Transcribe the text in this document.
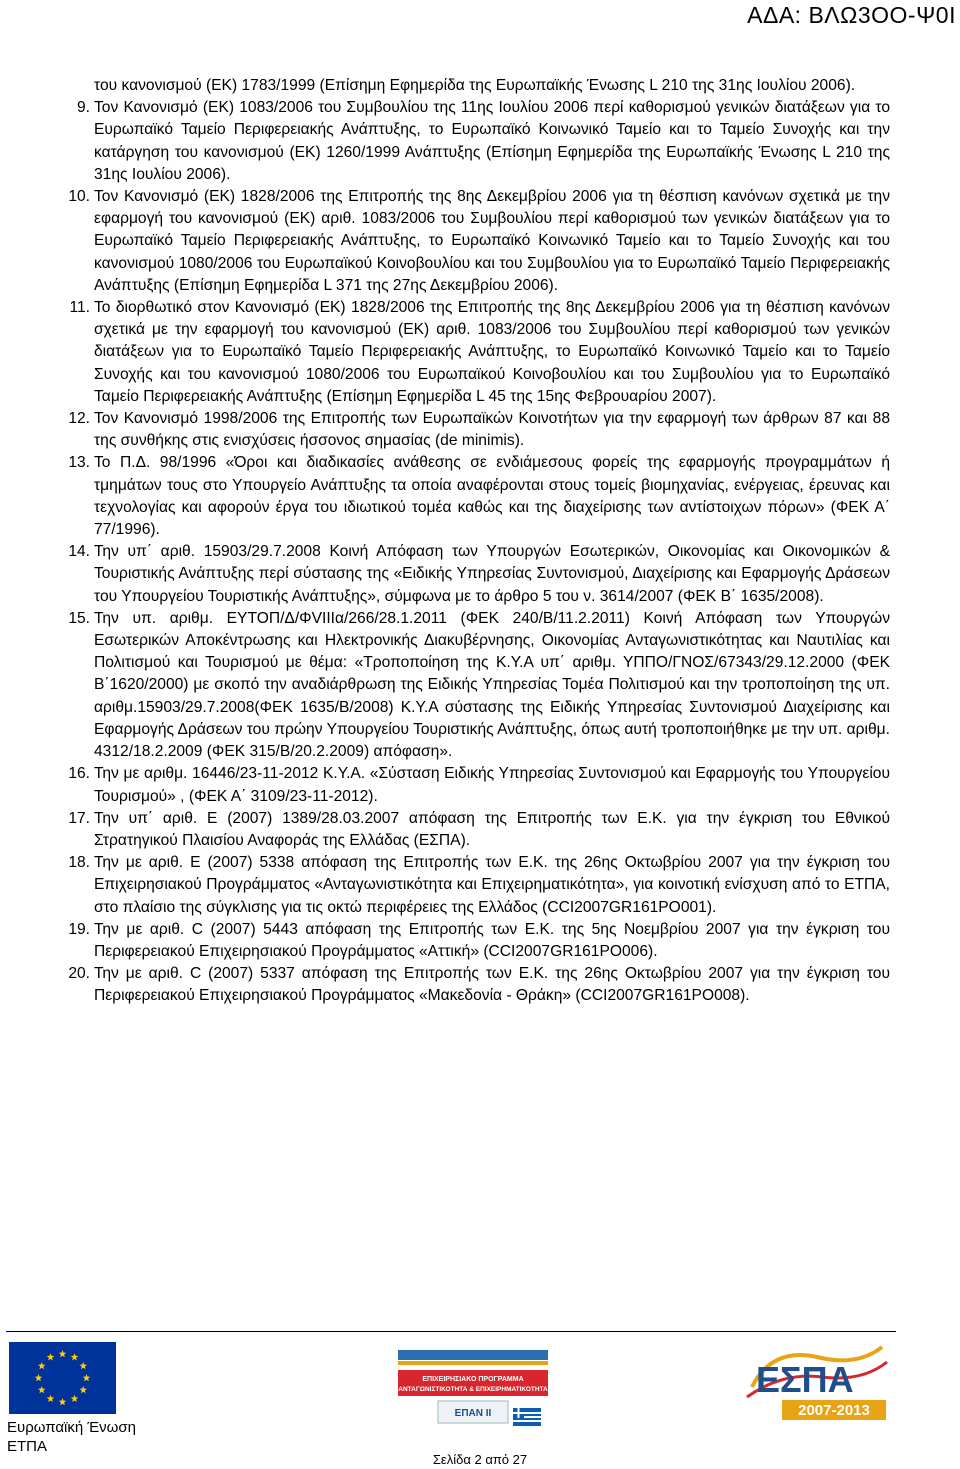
ΑΔΑ: ΒΛΩ3ΟΟ-Ψ0Ι
του κανονισμού (ΕΚ) 1783/1999 (Επίσημη Εφημερίδα της Ευρωπαϊκής Ένωσης L 210 της 31ης Ιουλίου 2006).
9. Τον Κανονισμό (ΕΚ) 1083/2006 του Συμβουλίου της 11ης Ιουλίου 2006 περί καθορισμού γενικών διατάξεων για το Ευρωπαϊκό Ταμείο Περιφερειακής Ανάπτυξης, το Ευρωπαϊκό Κοινωνικό Ταμείο και το Ταμείο Συνοχής και την κατάργηση του κανονισμού (ΕΚ) 1260/1999 Ανάπτυξης (Επίσημη Εφημερίδα της Ευρωπαϊκής Ένωσης L 210 της 31ης Ιουλίου 2006).
10. Τον Κανονισμό (ΕΚ) 1828/2006 της Επιτροπής της 8ης Δεκεμβρίου 2006 για τη θέσπιση κανόνων σχετικά με την εφαρμογή του κανονισμού (ΕΚ) αριθ. 1083/2006 του Συμβουλίου περί καθορισμού των γενικών διατάξεων για το Ευρωπαϊκό Ταμείο Περιφερειακής Ανάπτυξης, το Ευρωπαϊκό Κοινωνικό Ταμείο και το Ταμείο Συνοχής και του κανονισμού 1080/2006 του Ευρωπαϊκού Κοινοβουλίου και του Συμβουλίου για το Ευρωπαϊκό Ταμείο Περιφερειακής Ανάπτυξης (Επίσημη Εφημερίδα L 371 της 27ης Δεκεμβρίου 2006).
11. Το διορθωτικό στον Κανονισμό (ΕΚ) 1828/2006 της Επιτροπής της 8ης Δεκεμβρίου 2006 για τη θέσπιση κανόνων σχετικά με την εφαρμογή του κανονισμού (ΕΚ) αριθ. 1083/2006 του Συμβουλίου περί καθορισμού των γενικών διατάξεων για το Ευρωπαϊκό Ταμείο Περιφερειακής Ανάπτυξης, το Ευρωπαϊκό Κοινωνικό Ταμείο και το Ταμείο Συνοχής και του κανονισμού 1080/2006 του Ευρωπαϊκού Κοινοβουλίου και του Συμβουλίου για το Ευρωπαϊκό Ταμείο Περιφερειακής Ανάπτυξης (Επίσημη Εφημερίδα L 45 της 15ης Φεβρουαρίου 2007).
12. Τον Κανονισμό 1998/2006 της Επιτροπής των Ευρωπαϊκών Κοινοτήτων για την εφαρμογή των άρθρων 87 και 88 της συνθήκης στις ενισχύσεις ήσσονος σημασίας (de minimis).
13. Το Π.Δ. 98/1996 «Όροι και διαδικασίες ανάθεσης σε ενδιάμεσους φορείς της εφαρμογής προγραμμάτων ή τμημάτων τους στο Υπουργείο Ανάπτυξης τα οποία αναφέρονται στους τομείς βιομηχανίας, ενέργειας, έρευνας και τεχνολογίας και αφορούν έργα του ιδιωτικού τομέα καθώς και της διαχείρισης των αντίστοιχων πόρων» (ΦΕΚ Α΄ 77/1996).
14. Την υπ΄ αριθ. 15903/29.7.2008 Κοινή Απόφαση των Υπουργών Εσωτερικών, Οικονομίας και Οικονομικών & Τουριστικής Ανάπτυξης περί σύστασης της «Ειδικής Υπηρεσίας Συντονισμού, Διαχείρισης και Εφαρμογής Δράσεων του Υπουργείου Τουριστικής Ανάπτυξης», σύμφωνα με το άρθρο 5 του ν. 3614/2007 (ΦΕΚ Β΄ 1635/2008).
15. Την υπ. αριθμ. ΕΥΤΟΠ/Δ/ΦVIIIα/266/28.1.2011 (ΦΕΚ 240/Β/11.2.2011) Κοινή Απόφαση των Υπουργών Εσωτερικών Αποκέντρωσης και Ηλεκτρονικής Διακυβέρνησης, Οικονομίας Ανταγωνιστικότητας και Ναυτιλίας και Πολιτισμού και Τουρισμού με θέμα: «Τροποποίηση της Κ.Υ.Α υπ΄ αριθμ. ΥΠΠΟ/ΓΝΟΣ/67343/29.12.2000 (ΦΕΚ Β΄1620/2000) με σκοπό την αναδιάρθρωση της Ειδικής Υπηρεσίας Τομέα Πολιτισμού και την τροποποίηση της υπ. αριθμ.15903/29.7.2008(ΦΕΚ 1635/Β/2008) Κ.Υ.Α σύστασης της Ειδικής Υπηρεσίας Συντονισμού Διαχείρισης και Εφαρμογής Δράσεων του πρώην Υπουργείου Τουριστικής Ανάπτυξης, όπως αυτή τροποποιήθηκε με την υπ. αριθμ. 4312/18.2.2009 (ΦΕΚ 315/Β/20.2.2009) απόφαση».
16. Την με αριθμ. 16446/23-11-2012 Κ.Υ.Α. «Σύσταση Ειδικής Υπηρεσίας Συντονισμού και Εφαρμογής του Υπουργείου Τουρισμού» , (ΦΕΚ Α΄ 3109/23-11-2012).
17. Την υπ΄ αριθ. Ε (2007) 1389/28.03.2007 απόφαση της Επιτροπής των Ε.Κ. για την έγκριση του Εθνικού Στρατηγικού Πλαισίου Αναφοράς της Ελλάδας (ΕΣΠΑ).
18. Την με αριθ. Ε (2007) 5338 απόφαση της Επιτροπής των Ε.Κ. της 26ης Οκτωβρίου 2007 για την έγκριση του Επιχειρησιακού Προγράμματος «Ανταγωνιστικότητα και Επιχειρηματικότητα», για κοινοτική ενίσχυση από το ΕΤΠΑ, στο πλαίσιο της σύγκλισης για τις οκτώ περιφέρειες της Ελλάδος (CCI2007GR161PO001).
19. Την με αριθ. C (2007) 5443 απόφαση της Επιτροπής των Ε.Κ. της 5ης Νοεμβρίου 2007 για την έγκριση του Περιφερειακού Επιχειρησιακού Προγράμματος «Αττική» (CCI2007GR161PO006).
20. Την με αριθ. C (2007) 5337 απόφαση της Επιτροπής των Ε.Κ. της 26ης Οκτωβρίου 2007 για την έγκριση του Περιφερειακού Επιχειρησιακού Προγράμματος «Μακεδονία - Θράκη» (CCI2007GR161PO008).
Ευρωπαϊκή Ένωση
ΕΤΠΑ
ΕΠΙΧΕΙΡΗΣΙΑΚΟ ΠΡΟΓΡΑΜΜΑ
ΑΝΤΑΓΩΝΙΣΤΙΚΟΤΗΤΑ & ΕΠΙΧΕΙΡΗΜΑΤΙΚΟΤΗΤΑ
ΕΠΑΝ ΙΙ
ΕΣΠΑ
2007-2013
Σελίδα 2 από 27
